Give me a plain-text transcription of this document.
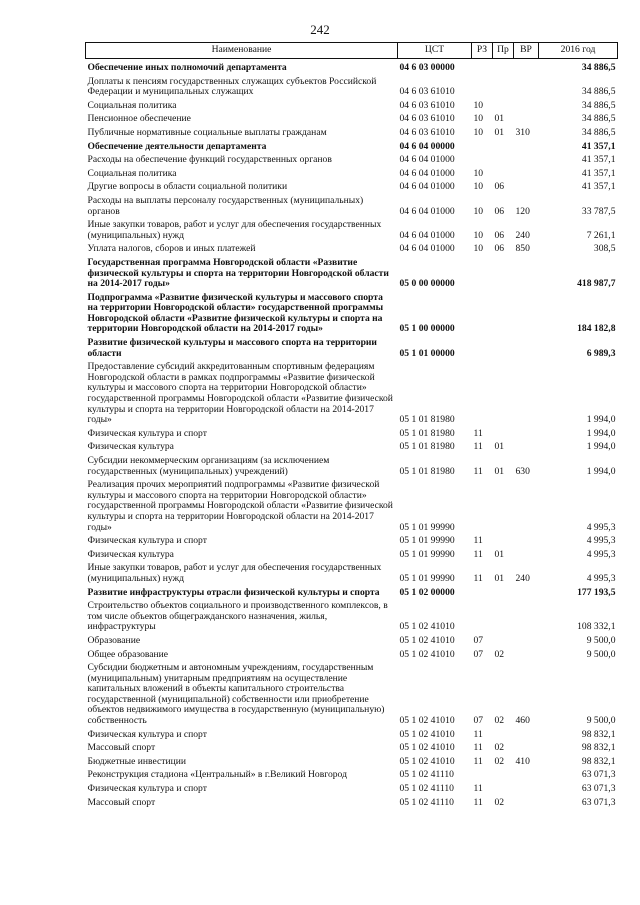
242
Наименование	ЦСТ	РЗ	Пр	ВР	2016 год
Обеспечение иных полномочий департамента	04 6 03 00000				34 886,5
Доплаты к пенсиям государственных служащих субъектов Российской Федерации и муниципальных служащих	04 6 03 61010				34 886,5
Социальная политика	04 6 03 61010	10			34 886,5
Пенсионное обеспечение	04 6 03 61010	10	01		34 886,5
Публичные нормативные социальные выплаты гражданам	04 6 03 61010	10	01	310	34 886,5
Обеспечение деятельности департамента	04 6 04 00000				41 357,1
Расходы на обеспечение функций государственных органов	04 6 04 01000				41 357,1
Социальная политика	04 6 04 01000	10			41 357,1
Другие вопросы в области социальной политики	04 6 04 01000	10	06		41 357,1
Расходы на выплаты персоналу государственных (муниципальных) органов	04 6 04 01000	10	06	120	33 787,5
Иные закупки товаров, работ и услуг для обеспечения государственных (муниципальных) нужд	04 6 04 01000	10	06	240	7 261,1
Уплата налогов, сборов и иных платежей	04 6 04 01000	10	06	850	308,5
Государственная программа Новгородской области «Развитие физической культуры и спорта на территории Новгородской области на 2014-2017 годы»	05 0 00 00000				418 987,7
Подпрограмма «Развитие физической культуры и массового спорта на территории Новгородской области» государственной программы Новгородской области «Развитие физической культуры и спорта на территории Новгородской области на 2014-2017 годы»	05 1 00 00000				184 182,8
Развитие физической культуры и массового спорта на территории области	05 1 01 00000				6 989,3
Предоставление субсидий аккредитованным спортивным федерациям Новгородской области в рамках подпрограммы «Развитие физической культуры и массового спорта на территории Новгородской области» государственной программы Новгородской области «Развитие физической культуры и спорта на территории Новгородской области на 2014-2017 годы»	05 1 01 81980				1 994,0
Физическая культура и спорт	05 1 01 81980	11			1 994,0
Физическая культура	05 1 01 81980	11	01		1 994,0
Субсидии некоммерческим организациям (за исключением государственных (муниципальных) учреждений)	05 1 01 81980	11	01	630	1 994,0
Реализация прочих мероприятий подпрограммы «Развитие физической культуры и массового спорта на территории Новгородской области» государственной программы Новгородской области «Развитие физической культуры и спорта на территории Новгородской области на 2014-2017 годы»	05 1 01 99990				4 995,3
Физическая культура и спорт	05 1 01 99990	11			4 995,3
Физическая культура	05 1 01 99990	11	01		4 995,3
Иные закупки товаров, работ и услуг для обеспечения государственных (муниципальных) нужд	05 1 01 99990	11	01	240	4 995,3
Развитие инфраструктуры отрасли физической культуры и спорта	05 1 02 00000				177 193,5
Строительство объектов социального и производственного комплексов, в том числе объектов общегражданского назначения, жилья, инфраструктуры	05 1 02 41010				108 332,1
Образование	05 1 02 41010	07			9 500,0
Общее образование	05 1 02 41010	07	02		9 500,0
Субсидии бюджетным и автономным учреждениям, государственным (муниципальным) унитарным предприятиям на осуществление капитальных вложений в объекты капитального строительства государственной (муниципальной) собственности или приобретение объектов недвижимого имущества в государственную (муниципальную) собственность	05 1 02 41010	07	02	460	9 500,0
Физическая культура и спорт	05 1 02 41010	11			98 832,1
Массовый спорт	05 1 02 41010	11	02		98 832,1
Бюджетные инвестиции	05 1 02 41010	11	02	410	98 832,1
Реконструкция стадиона «Центральный» в г.Великий Новгород	05 1 02 41110				63 071,3
Физическая культура и спорт	05 1 02 41110	11			63 071,3
Массовый спорт	05 1 02 41110	11	02		63 071,3
